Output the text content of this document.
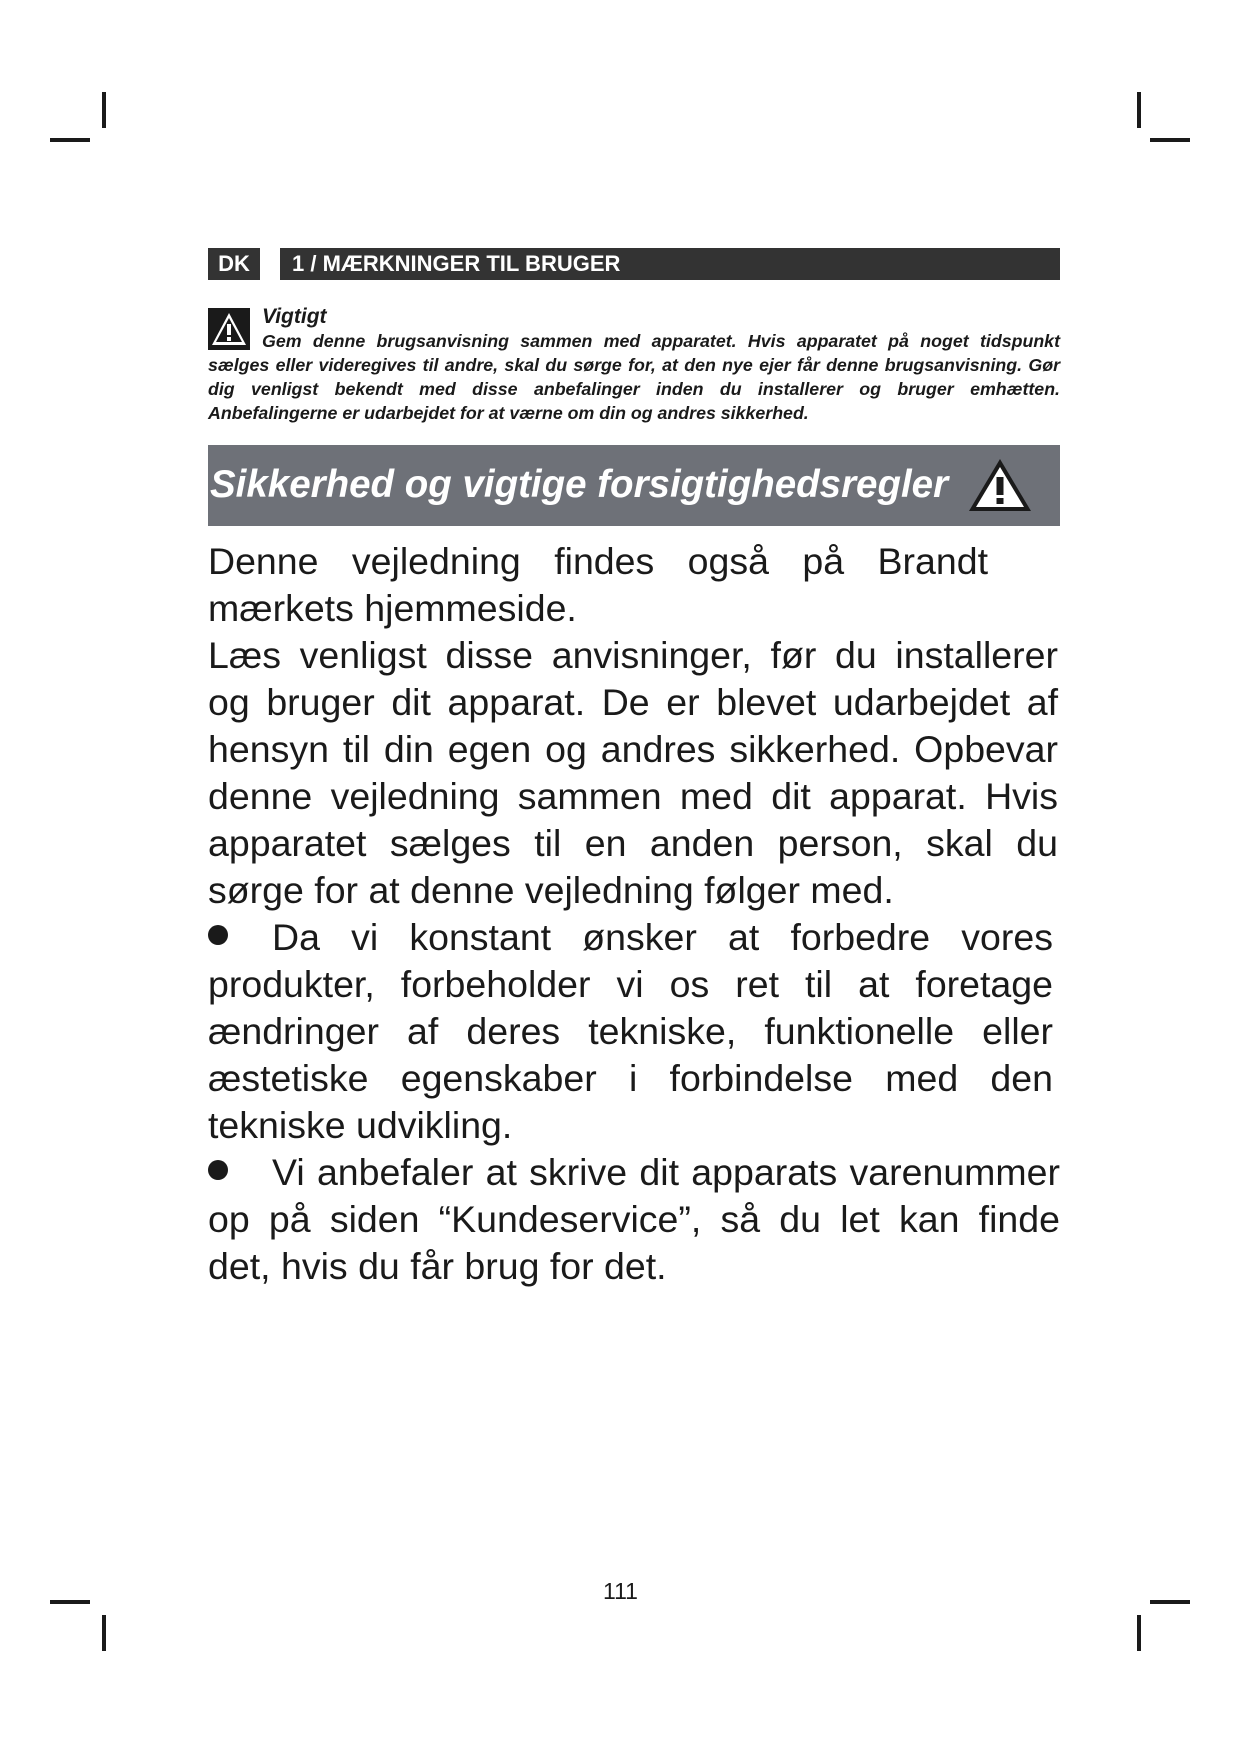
DK	1 / MÆRKNINGER TIL BRUGER
Vigtigt
Gem denne brugsanvisning sammen med apparatet. Hvis apparatet på noget tidspunkt sælges eller videregives til andre, skal du sørge for, at den nye ejer får denne brugsanvisning. Gør dig venligst bekendt med disse anbefalinger inden du installerer og bruger emhætten. Anbefalingerne er udarbejdet for at værne om din og andres sikkerhed.
Sikkerhed og vigtige forsigtighedsregler

Denne vejledning findes også på Brandt mærkets hjemmeside.

Læs venligst disse anvisninger, før du installerer og bruger dit apparat. De er blevet udarbejdet af hensyn til din egen og andres sikkerhed. Opbevar denne vejledning sammen med dit apparat. Hvis apparatet sælges til en anden person, skal du sørge for at denne vejledning følger med.

Da vi konstant ønsker at forbedre vores produkter, forbeholder vi os ret til at foretage ændringer af deres tekniske, funktionelle eller æstetiske egenskaber i forbindelse med den tekniske udvikling.

Vi anbefaler at skrive dit apparats varenummer op på siden “Kundeservice”, så du let kan finde det, hvis du får brug for det.

111
